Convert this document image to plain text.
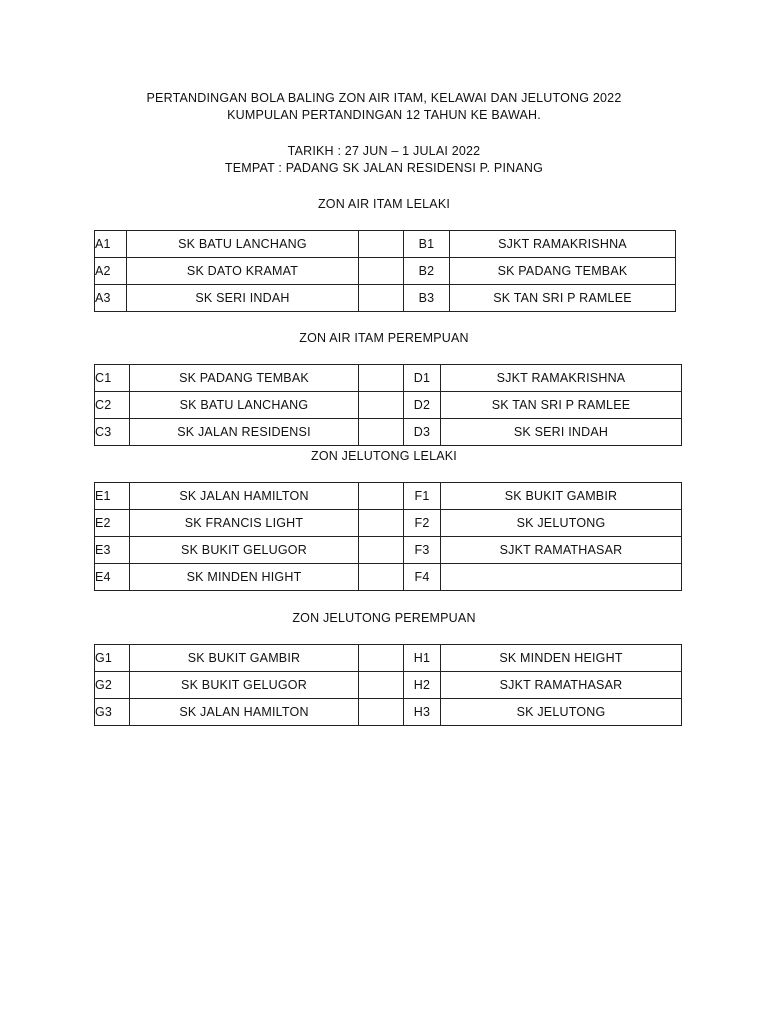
PERTANDINGAN BOLA BALING ZON AIR ITAM, KELAWAI DAN JELUTONG 2022
KUMPULAN PERTANDINGAN 12 TAHUN KE BAWAH.
TARIKH : 27 JUN – 1 JULAI 2022
TEMPAT : PADANG SK JALAN RESIDENSI P. PINANG
ZON AIR ITAM LELAKI
A1	SK BATU LANCHANG		B1	SJKT RAMAKRISHNA
A2	SK DATO KRAMAT		B2	SK PADANG TEMBAK
A3	SK SERI INDAH		B3	SK TAN SRI P RAMLEE
ZON AIR ITAM PEREMPUAN
C1	SK PADANG TEMBAK		D1	SJKT RAMAKRISHNA
C2	SK BATU LANCHANG		D2	SK TAN SRI P RAMLEE
C3	SK JALAN RESIDENSI		D3	SK SERI INDAH
ZON JELUTONG LELAKI
E1	SK JALAN HAMILTON		F1	SK BUKIT GAMBIR
E2	SK FRANCIS LIGHT		F2	SK JELUTONG
E3	SK BUKIT GELUGOR		F3	SJKT RAMATHASAR
E4	SK MINDEN HIGHT		F4	
ZON JELUTONG PEREMPUAN
G1	SK BUKIT GAMBIR		H1	SK MINDEN HEIGHT
G2	SK BUKIT GELUGOR		H2	SJKT RAMATHASAR
G3	SK JALAN HAMILTON		H3	SK JELUTONG
